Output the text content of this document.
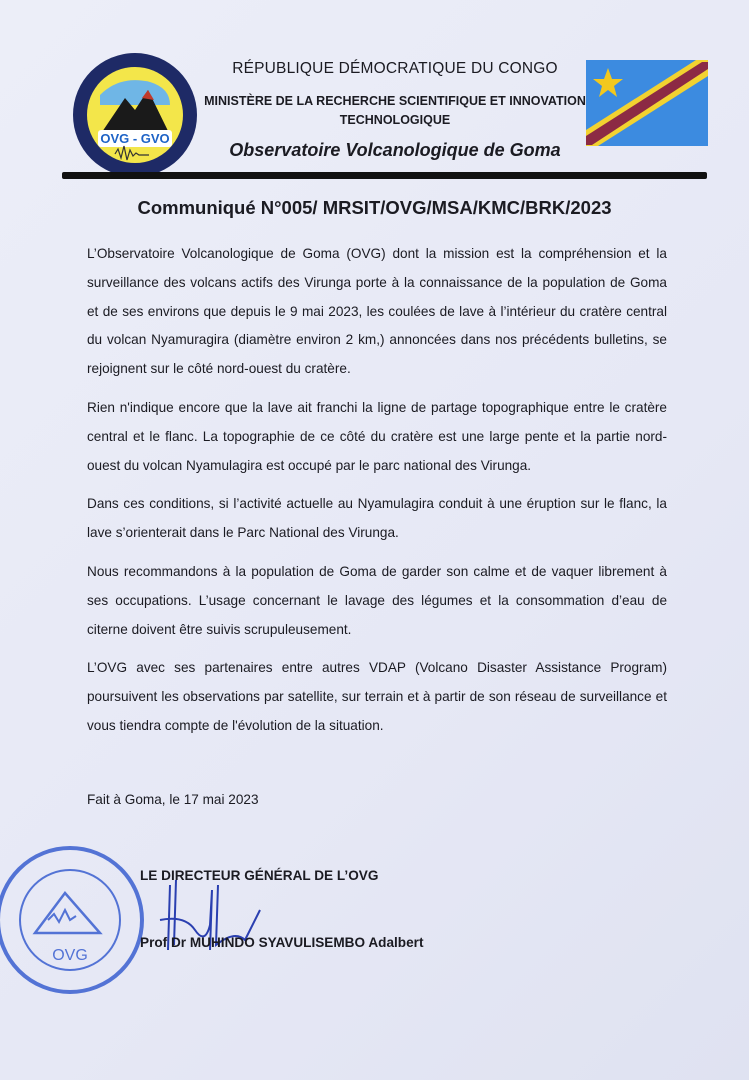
OVG - GVO
RÉPUBLIQUE DÉMOCRATIQUE DU CONGO
MINISTÈRE DE LA RECHERCHE SCIENTIFIQUE ET INNOVATION TECHNOLOGIQUE
Observatoire Volcanologique de Goma
Communiqué N°005/ MRSIT/OVG/MSA/KMC/BRK/2023

L’Observatoire Volcanologique de Goma (OVG) dont la mission est la compréhension et la surveillance des volcans actifs des Virunga porte à la connaissance de la population de Goma et de ses environs que depuis le 9 mai 2023, les coulées de lave à l’intérieur du cratère central du volcan Nyamuragira (diamètre environ 2 km,) annoncées dans nos précédents bulletins, se rejoignent sur le côté nord-ouest du cratère.

Rien n'indique encore que la lave ait franchi la ligne de partage topographique entre le cratère central et le flanc. La topographie de ce côté du cratère est une large pente et la partie nord-ouest du volcan Nyamulagira est occupé par le parc national des Virunga.

Dans ces conditions, si l’activité actuelle au Nyamulagira conduit à une éruption sur le flanc, la lave s’orienterait dans le Parc National des Virunga.

Nous recommandons à la population de Goma de garder son calme et de vaquer librement à ses occupations. L’usage concernant le lavage des légumes et la consommation d’eau de citerne doivent être suivis scrupuleusement.

L’OVG avec ses partenaires entre autres VDAP (Volcano Disaster Assistance Program) poursuivent les observations par satellite, sur terrain et à partir de son réseau de surveillance et vous tiendra compte de l'évolution de la situation.

Fait à Goma, le 17 mai 2023
OVG
LE DIRECTEUR GÉNÉRAL DE L’OVG
Prof Dr MUHINDO SYAVULISEMBO Adalbert
